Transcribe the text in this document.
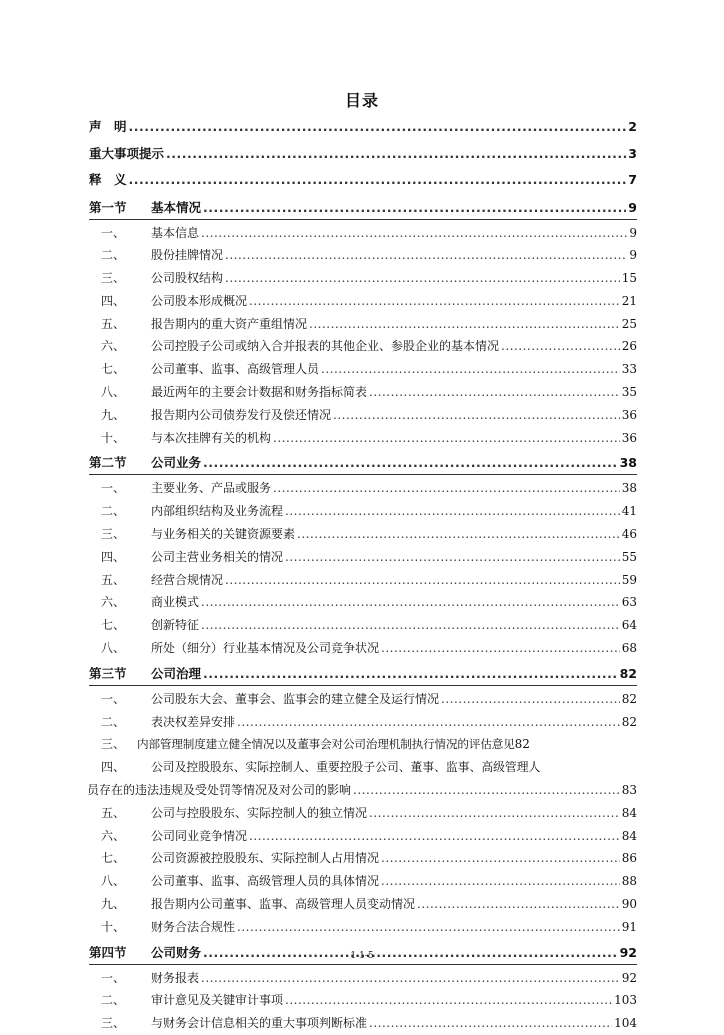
目录
声　明 .....	2
重大事项提示 .....	3
释　义 .....	7
第一节	基本情况 .....	9
一、	基本信息 .....	9
二、	股份挂牌情况 .....	9
三、	公司股权结构 .....	15
四、	公司股本形成概况 .....	21
五、	报告期内的重大资产重组情况 .....	25
六、	公司控股子公司或纳入合并报表的其他企业、参股企业的基本情况 .....	26
七、	公司董事、监事、高级管理人员 .....	33
八、	最近两年的主要会计数据和财务指标简表 .....	35
九、	报告期内公司债券发行及偿还情况 .....	36
十、	与本次挂牌有关的机构 .....	36
第二节	公司业务 .....	38
一、	主要业务、产品或服务 .....	38
二、	内部组织结构及业务流程 .....	41
三、	与业务相关的关键资源要素 .....	46
四、	公司主营业务相关的情况 .....	55
五、	经营合规情况 .....	59
六、	商业模式 .....	63
七、	创新特征 .....	64
八、	所处（细分）行业基本情况及公司竞争状况 .....	68
第三节	公司治理 .....	82
一、	公司股东大会、董事会、监事会的建立健全及运行情况 .....	82
二、	表决权差异安排 .....	82
三、	内部管理制度建立健全情况以及董事会对公司治理机制执行情况的评估意见 82
四、	公司及控股股东、实际控制人、重要控股子公司、董事、监事、高级管理人
员存在的违法违规及受处罚等情况及对公司的影响 .....	83
五、	公司与控股股东、实际控制人的独立情况 .....	84
六、	公司同业竞争情况 .....	84
七、	公司资源被控股股东、实际控制人占用情况 .....	86
八、	公司董事、监事、高级管理人员的具体情况 .....	88
九、	报告期内公司董事、监事、高级管理人员变动情况 .....	90
十、	财务合法合规性 .....	91
第四节	公司财务 .....	92
一、	财务报表 .....	92
二、	审计意见及关键审计事项 .....	103
三、	与财务会计信息相关的重大事项判断标准 .....	104
1-1-5
